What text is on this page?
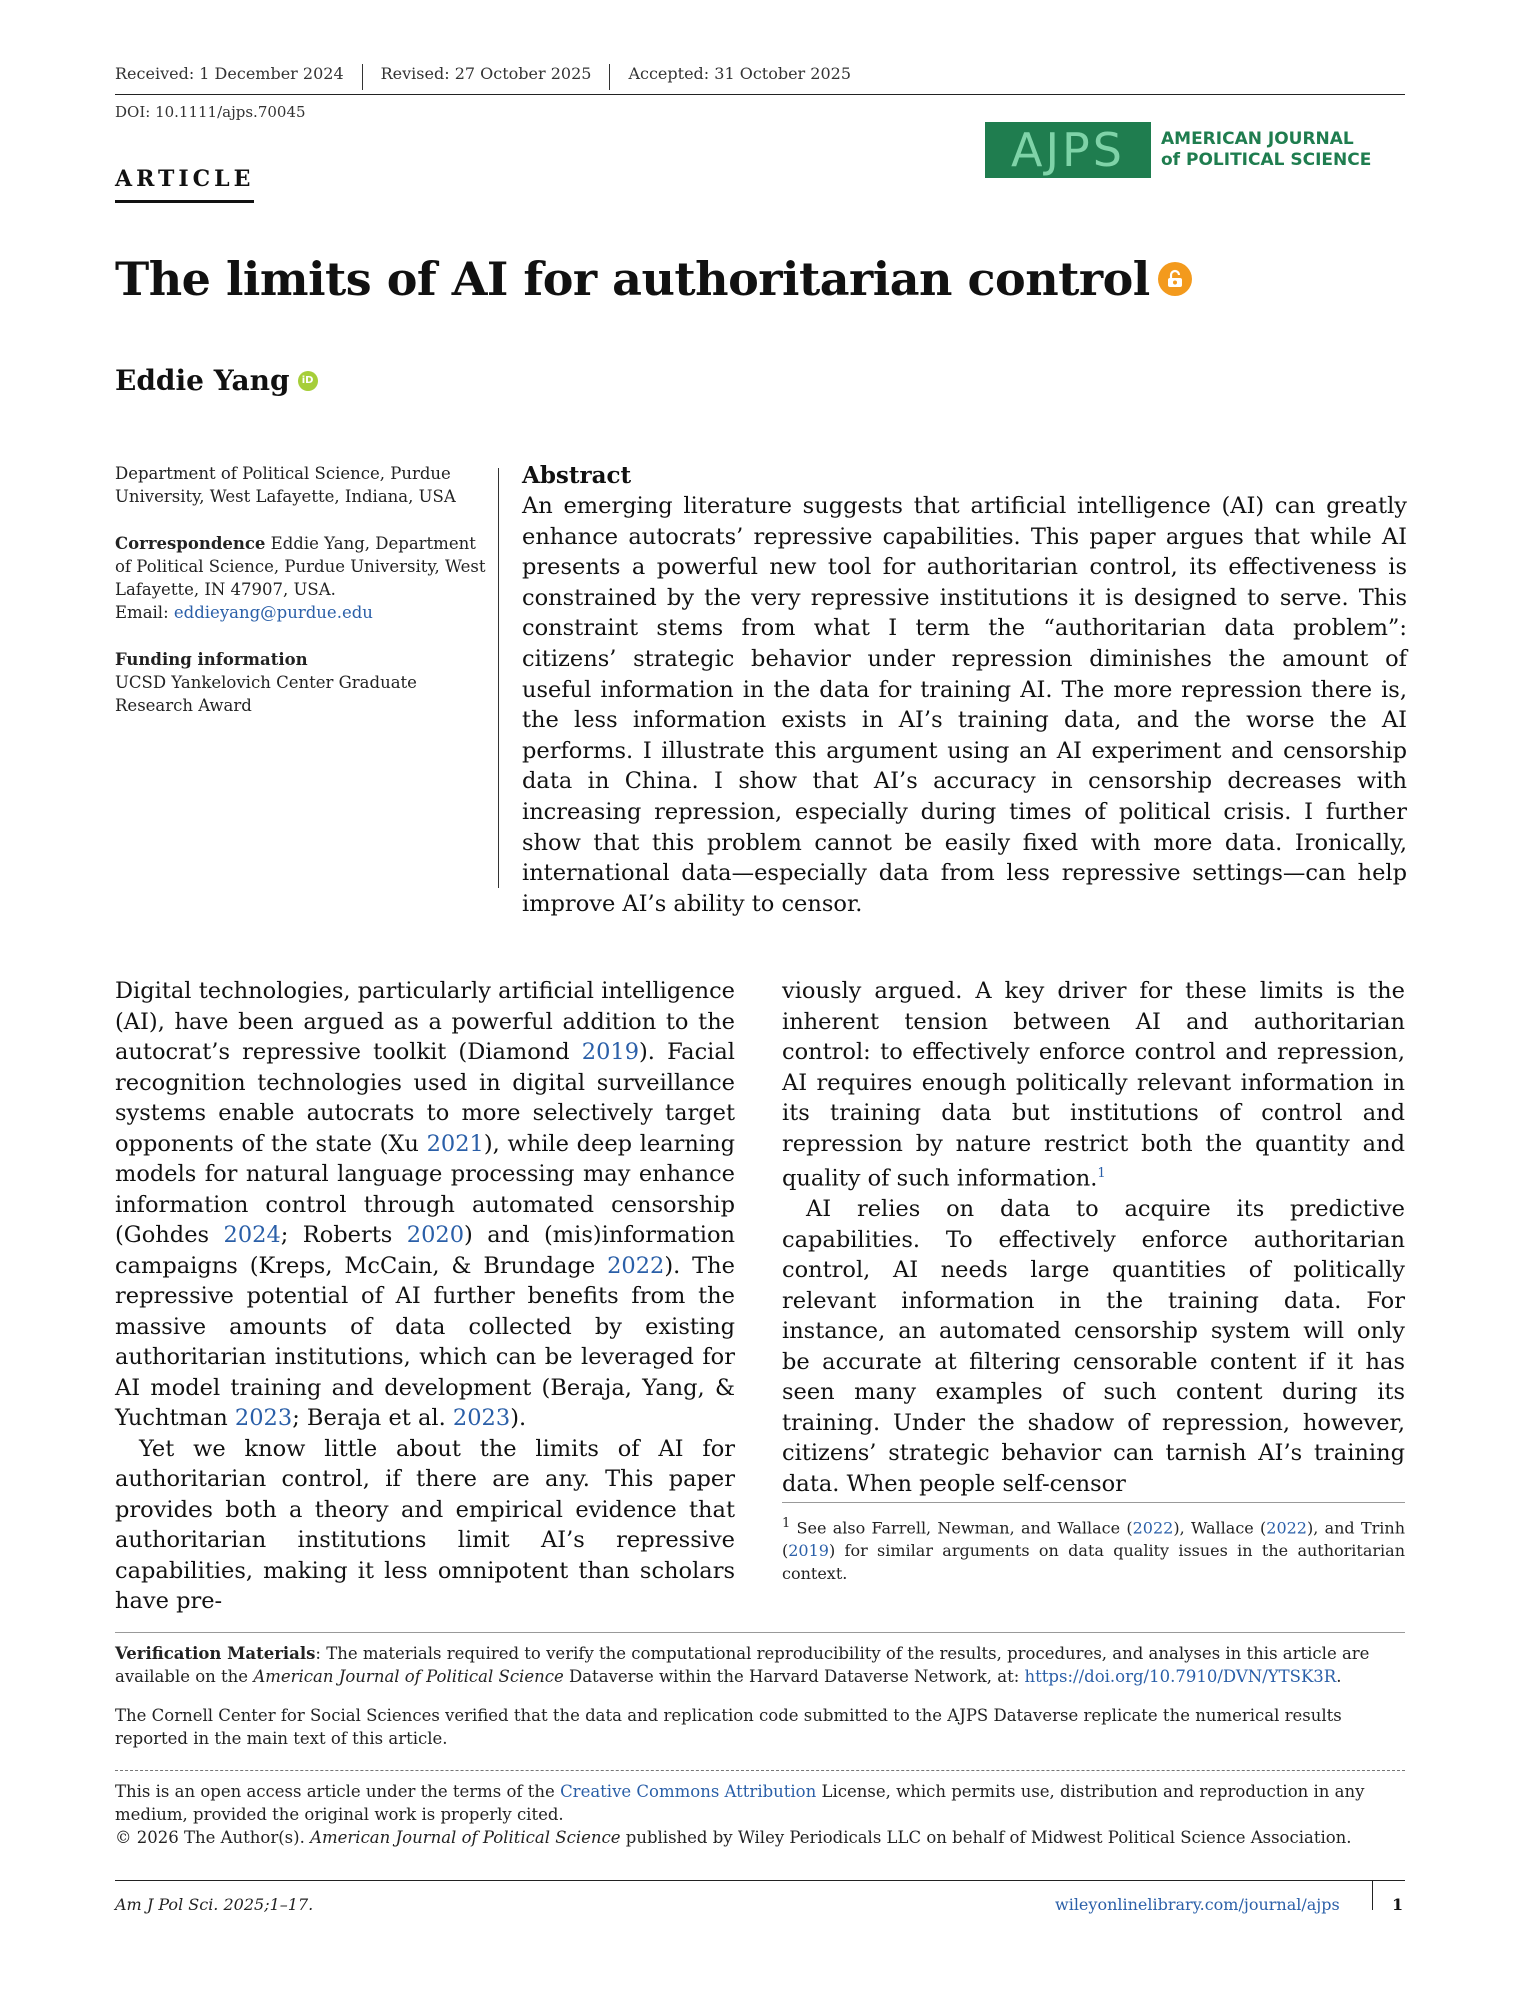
Received: 1 December 2024	Revised: 27 October 2025	Accepted: 31 October 2025
DOI: 10.1111/ajps.70045
ARTICLE
AJPS	AMERICAN JOURNAL
of POLITICAL SCIENCE
The limits of AI for authoritarian control
Eddie Yang	iD

Department of Political Science, Purdue University, West Lafayette, Indiana, USA

Correspondence Eddie Yang, Department of Political Science, Purdue University, West Lafayette, IN 47907, USA.
Email: eddieyang@purdue.edu

Funding information
UCSD Yankelovich Center Graduate Research Award

Abstract

An emerging literature suggests that artificial intelligence (AI) can greatly enhance autocrats’ repressive capabilities. This paper argues that while AI presents a powerful new tool for authoritarian control, its effectiveness is constrained by the very repressive institutions it is designed to serve. This constraint stems from what I term the “authoritarian data problem”: citizens’ strategic behavior under repression diminishes the amount of useful information in the data for training AI. The more repression there is, the less information exists in AI’s training data, and the worse the AI performs. I illustrate this argument using an AI experiment and censorship data in China. I show that AI’s accuracy in censorship decreases with increasing repression, especially during times of political crisis. I further show that this problem cannot be easily fixed with more data. Ironically, international data—especially data from less repressive settings—can help improve AI’s ability to censor.

Digital technologies, particularly artificial intelligence (AI), have been argued as a powerful addition to the autocrat’s repressive toolkit (Diamond 2019). Facial recognition technologies used in digital surveillance systems enable autocrats to more selectively target opponents of the state (Xu 2021), while deep learning models for natural language processing may enhance information control through automated censorship (Gohdes 2024; Roberts 2020) and (mis)information campaigns (Kreps, McCain, & Brundage 2022). The repressive potential of AI further benefits from the massive amounts of data collected by existing authoritarian institutions, which can be leveraged for AI model training and development (Beraja, Yang, & Yuchtman 2023; Beraja et al. 2023).

Yet we know little about the limits of AI for authoritarian control, if there are any. This paper provides both a theory and empirical evidence that authoritarian institutions limit AI’s repressive capabilities, making it less omnipotent than scholars have pre-

viously argued. A key driver for these limits is the inherent tension between AI and authoritarian control: to effectively enforce control and repression, AI requires enough politically relevant information in its training data but institutions of control and repression by nature restrict both the quantity and quality of such information.$^1$

AI relies on data to acquire its predictive capabilities. To effectively enforce authoritarian control, AI needs large quantities of politically relevant information in the training data. For instance, an automated censorship system will only be accurate at filtering censorable content if it has seen many examples of such content during its training. Under the shadow of repression, however, citizens’ strategic behavior can tarnish AI’s training data. When people self-censor

$^1$ See also Farrell, Newman, and Wallace (2022), Wallace (2022), and Trinh (2019) for similar arguments on data quality issues in the authoritarian context.

Verification Materials: The materials required to verify the computational reproducibility of the results, procedures, and analyses in this article are available on the American Journal of Political Science Dataverse within the Harvard Dataverse Network, at: https://doi.org/10.7910/DVN/YTSK3R.

The Cornell Center for Social Sciences verified that the data and replication code submitted to the AJPS Dataverse replicate the numerical results reported in the main text of this article.

This is an open access article under the terms of the Creative Commons Attribution License, which permits use, distribution and reproduction in any medium, provided the original work is properly cited.

© 2026 The Author(s). American Journal of Political Science published by Wiley Periodicals LLC on behalf of Midwest Political Science Association.

Am J Pol Sci. 2025;1–17.	wileyonlinelibrary.com/journal/ajps	1
